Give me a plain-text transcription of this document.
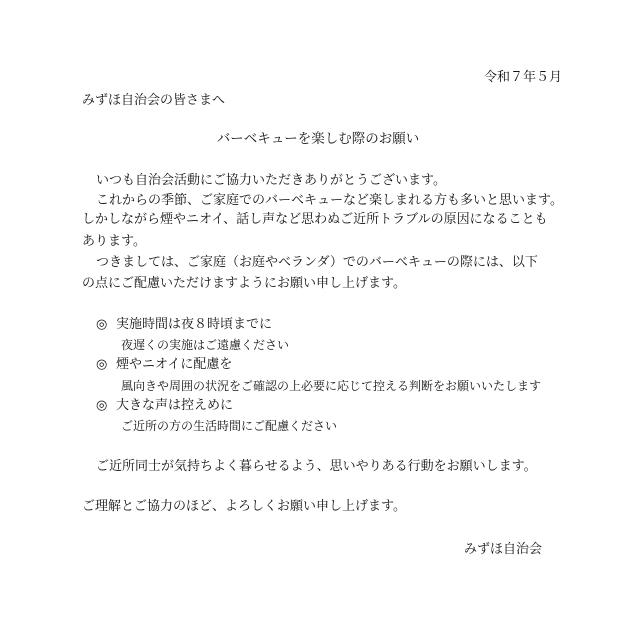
令和７年５月
みずほ自治会の皆さまへ
バーベキューを楽しむ際のお願い
いつも自治会活動にご協力いただきありがとうございます。
これからの季節、ご家庭でのバーベキューなど楽しまれる方も多いと思います。
しかしながら煙やニオイ、話し声など思わぬご近所トラブルの原因になることも
あります。
つきましては、ご家庭（お庭やベランダ）でのバーベキューの際には、以下
の点にご配慮いただけますようにお願い申し上げます。
◎ 実施時間は夜８時頃までに
夜遅くの実施はご遠慮ください
◎ 煙やニオイに配慮を
風向きや周囲の状況をご確認の上必要に応じて控える判断をお願いいたします
◎ 大きな声は控えめに
ご近所の方の生活時間にご配慮ください
ご近所同士が気持ちよく暮らせるよう、思いやりある行動をお願いします。
ご理解とご協力のほど、よろしくお願い申し上げます。
みずほ自治会
